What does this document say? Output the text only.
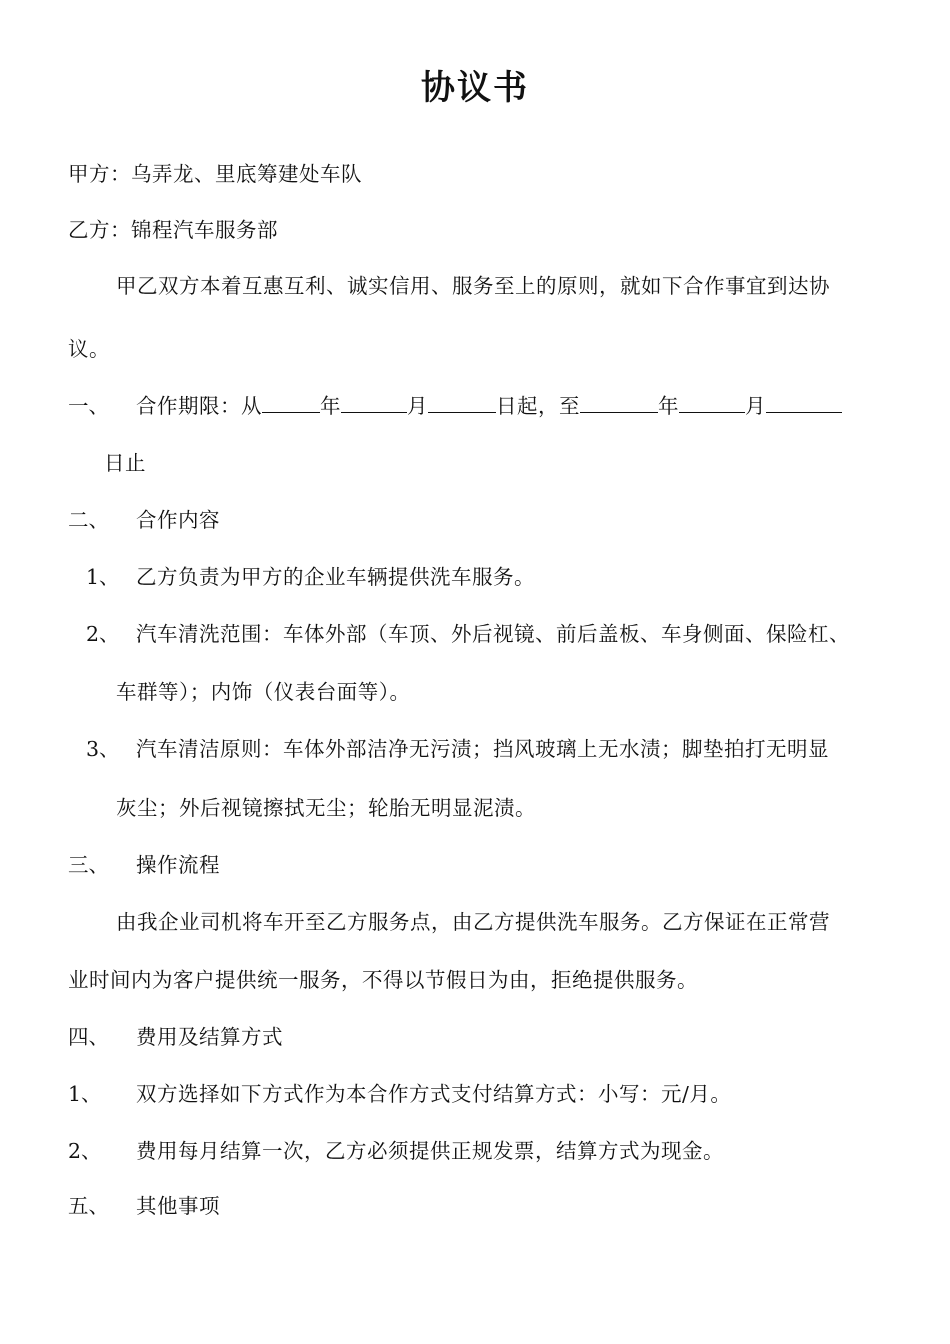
协议书
甲方：乌弄龙、里底筹建处车队
乙方：锦程汽车服务部
甲乙双方本着互惠互利、诚实信用、服务至上的原则，就如下合作事宜到达协
议。
一、 合作期限：从	年	月	日起，至	年	月
日止
二、 合作内容
1、 乙方负责为甲方的企业车辆提供洗车服务。
2、 汽车清洗范围：车体外部（车顶、外后视镜、前后盖板、车身侧面、保险杠、
车群等）；内饰（仪表台面等）。
3、 汽车清洁原则：车体外部洁净无污渍；挡风玻璃上无水渍；脚垫拍打无明显
灰尘；外后视镜擦拭无尘；轮胎无明显泥渍。
三、 操作流程
由我企业司机将车开至乙方服务点，由乙方提供洗车服务。乙方保证在正常营
业时间内为客户提供统一服务，不得以节假日为由，拒绝提供服务。
四、 费用及结算方式
1、 双方选择如下方式作为本合作方式支付结算方式：小写：元/月。
2、 费用每月结算一次，乙方必须提供正规发票，结算方式为现金。
五、 其他事项
